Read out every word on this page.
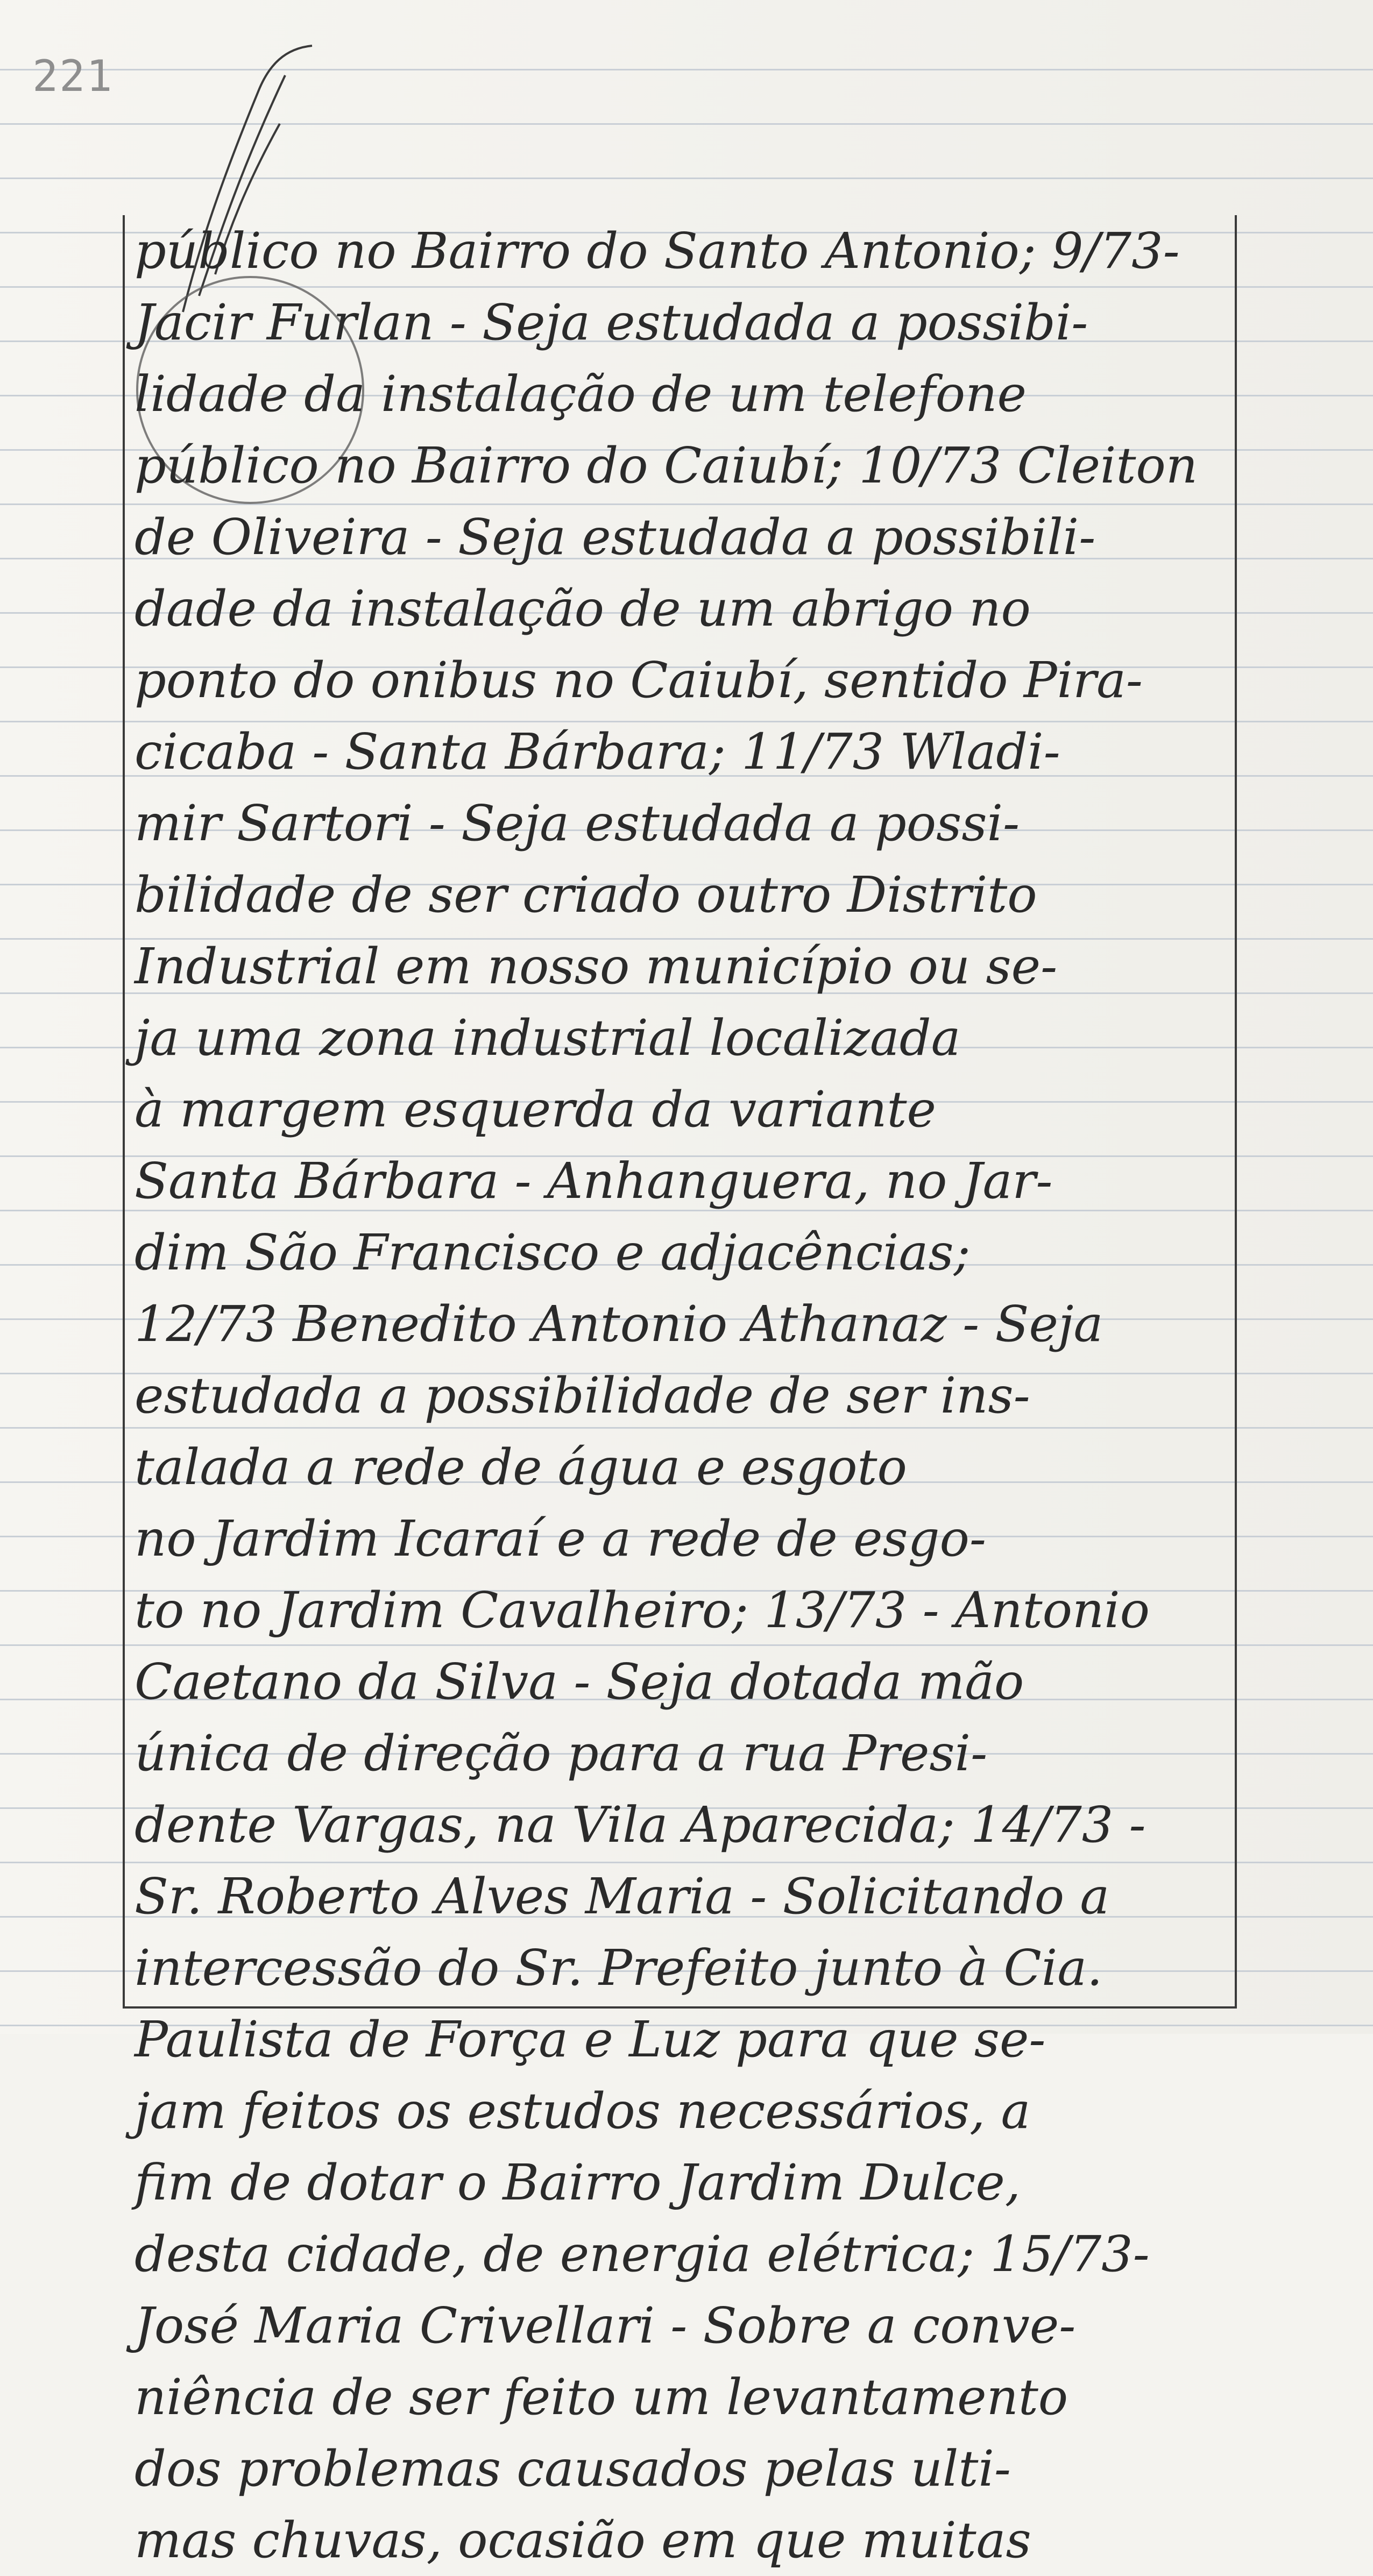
221
público no Bairro do Santo Antonio; 9/73-
Jacir Furlan - Seja estudada a possibi-
lidade da instalação de um telefone
público no Bairro do Caiubí; 10/73 Cleiton
de Oliveira - Seja estudada a possibili-
dade da instalação de um abrigo no
ponto do onibus no Caiubí, sentido Pira-
cicaba - Santa Bárbara; 11/73 Wladi-
mir Sartori - Seja estudada a possi-
bilidade de ser criado outro Distrito
Industrial em nosso município ou se-
ja uma zona industrial localizada
à margem esquerda da variante
Santa Bárbara - Anhanguera, no Jar-
dim São Francisco e adjacências;
12/73 Benedito Antonio Athanaz - Seja
estudada a possibilidade de ser ins-
talada a rede de água e esgoto
no Jardim Icaraí e a rede de esgo-
to no Jardim Cavalheiro; 13/73 - Antonio
Caetano da Silva - Seja dotada mão
única de direção para a rua Presi-
dente Vargas, na Vila Aparecida; 14/73 -
Sr. Roberto Alves Maria - Solicitando a
intercessão do Sr. Prefeito junto à Cia.
Paulista de Força e Luz para que se-
jam feitos os estudos necessários, a
fim de dotar o Bairro Jardim Dulce,
desta cidade, de energia elétrica; 15/73-
José Maria Crivellari - Sobre a conve-
niência de ser feito um levantamento
dos problemas causados pelas ulti-
mas chuvas, ocasião em que muitas
